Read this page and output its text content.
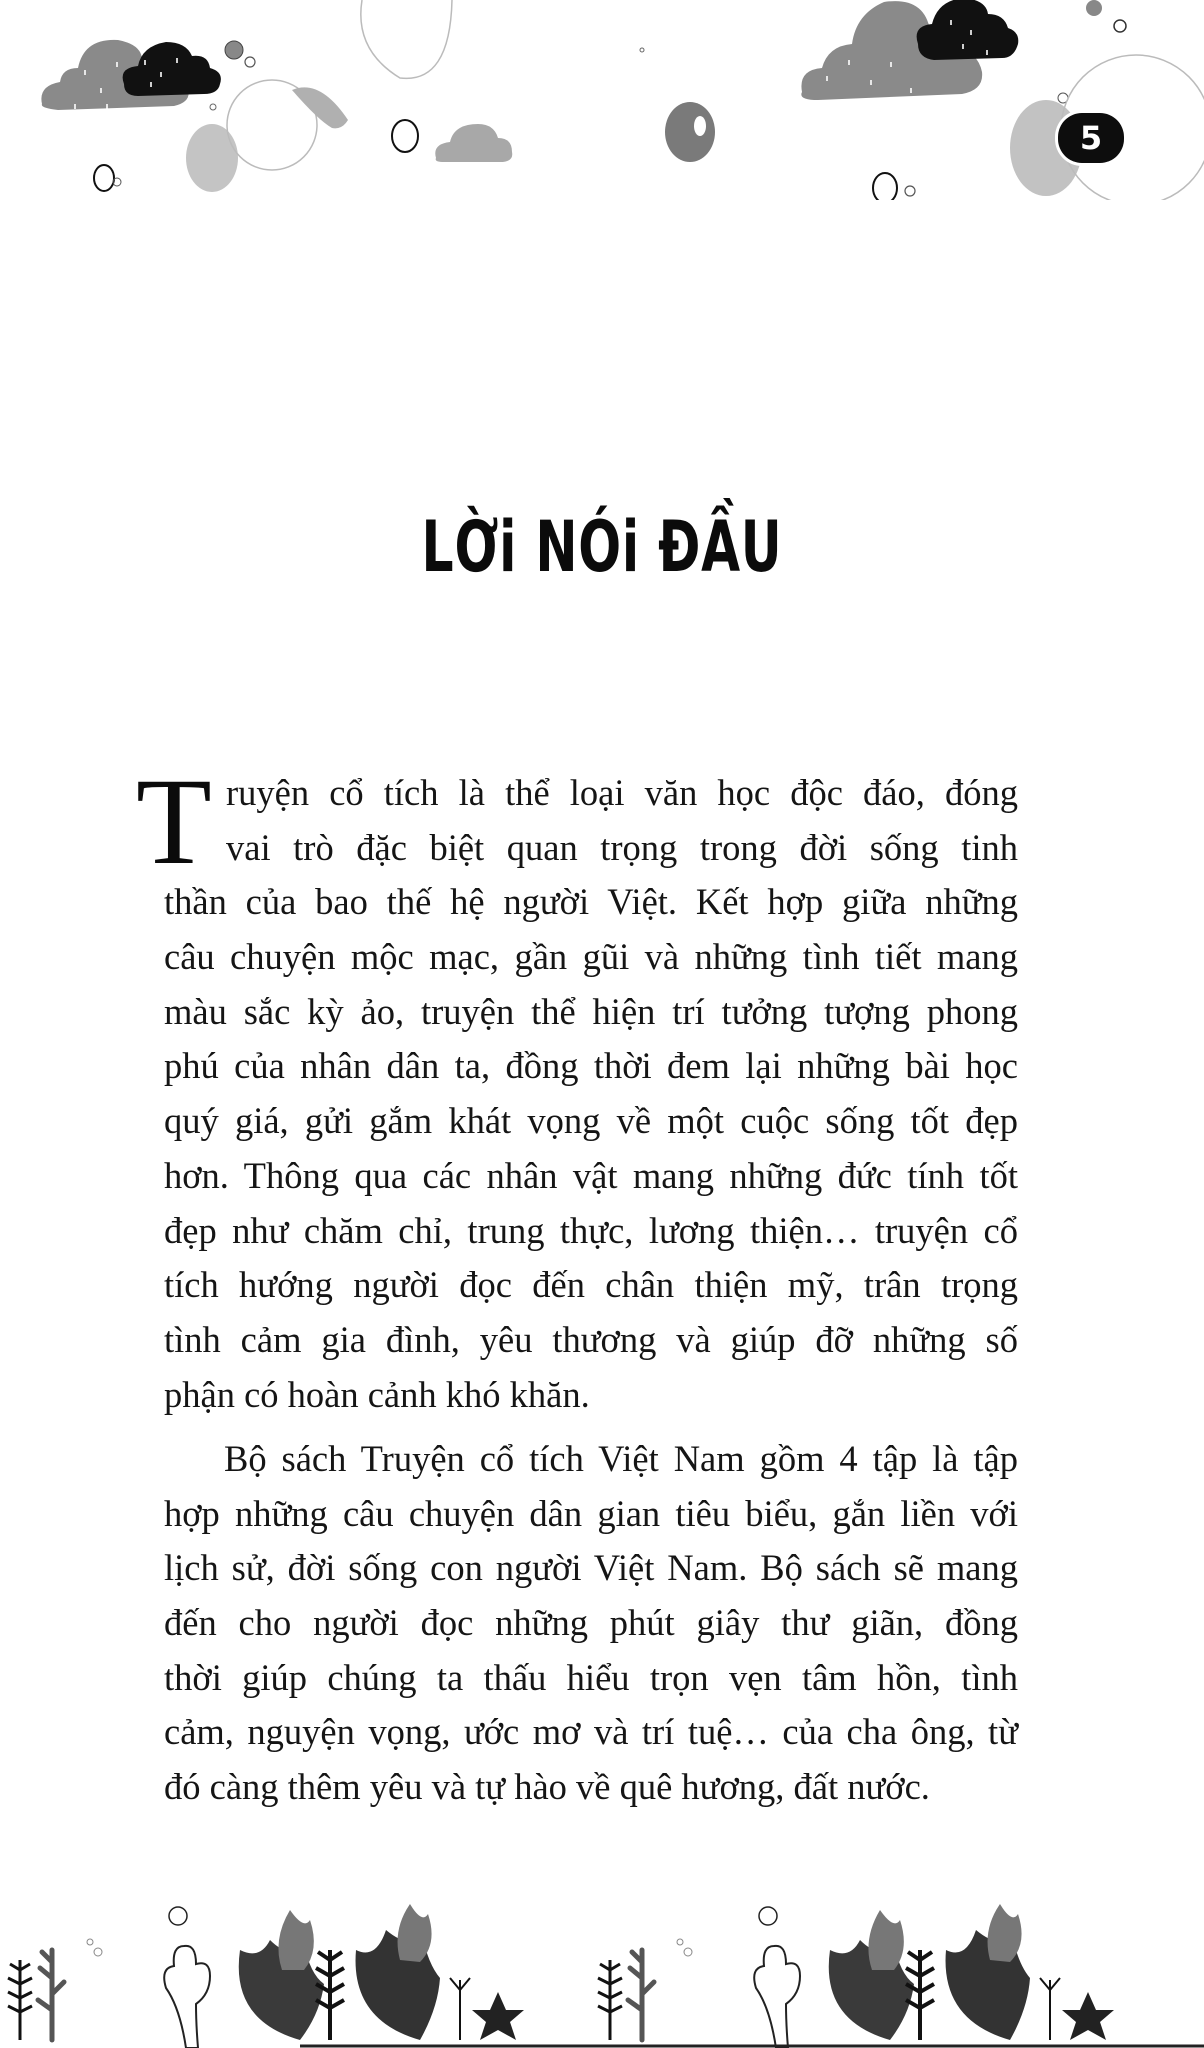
5
LỜi NÓi ĐẦU
T ruyện cổ tích là thể loại văn học độc đáo, đóng
vai trò đặc biệt quan trọng trong đời sống tinh
thần của bao thế hệ người Việt. Kết hợp giữa những
câu chuyện mộc mạc, gần gũi và những tình tiết mang
màu sắc kỳ ảo, truyện thể hiện trí tưởng tượng phong
phú của nhân dân ta, đồng thời đem lại những bài học
quý giá, gửi gắm khát vọng về một cuộc sống tốt đẹp
hơn. Thông qua các nhân vật mang những đức tính tốt
đẹp như chăm chỉ, trung thực, lương thiện… truyện cổ
tích hướng người đọc đến chân thiện mỹ, trân trọng
tình cảm gia đình, yêu thương và giúp đỡ những số
phận có hoàn cảnh khó khăn.
Bộ sách Truyện cổ tích Việt Nam gồm 4 tập là tập
hợp những câu chuyện dân gian tiêu biểu, gắn liền với
lịch sử, đời sống con người Việt Nam. Bộ sách sẽ mang
đến cho người đọc những phút giây thư giãn, đồng
thời giúp chúng ta thấu hiểu trọn vẹn tâm hồn, tình
cảm, nguyện vọng, ước mơ và trí tuệ… của cha ông, từ
đó càng thêm yêu và tự hào về quê hương, đất nước.
